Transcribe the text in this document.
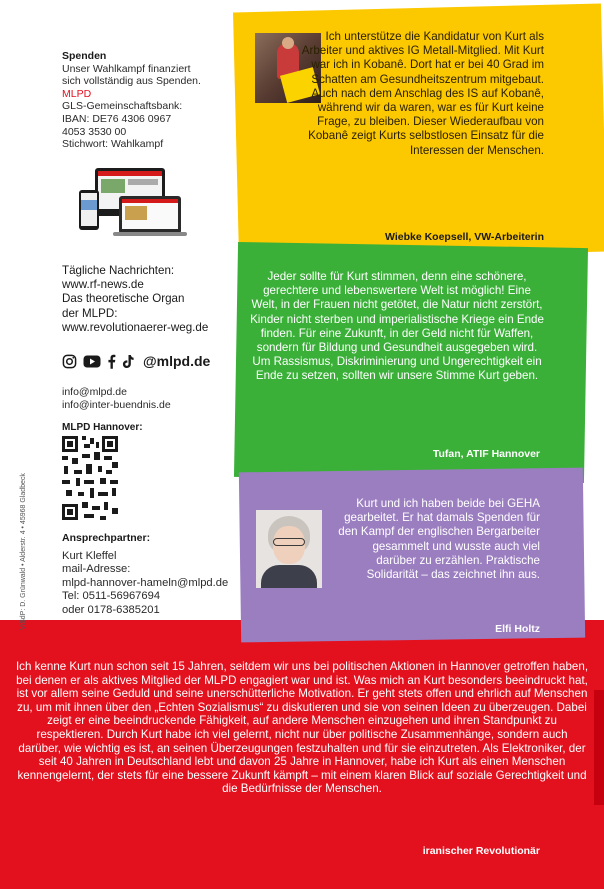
Ich unterstütze die Kandidatur von Kurt als Arbeiter und aktives IG Metall-Mitglied. Mit Kurt war ich in Kobanê. Dort hat er bei 40 Grad im Schatten am Gesundheitszentrum mitgebaut. Auch nach dem Anschlag des IS auf Kobanê, während wir da waren, war es für Kurt keine Frage, zu bleiben. Dieser Wiederaufbau von Kobanê zeigt Kurts selbstlosen Einsatz für die Interessen der Menschen.

Wiebke Koepsell, VW-Arbeiterin

Jeder sollte für Kurt stimmen, denn eine schönere, gerechtere und lebenswertere Welt ist möglich! Eine Welt, in der Frauen nicht getötet, die Natur nicht zerstört, Kinder nicht sterben und imperialistische Kriege ein Ende finden. Für eine Zukunft, in der Geld nicht für Waffen, sondern für Bildung und Gesundheit ausgegeben wird. Um Rassismus, Diskriminierung und Ungerechtigkeit ein Ende zu setzen, sollten wir unsere Stimme Kurt geben.

Tufan, ATIF Hannover

Kurt und ich haben beide bei GEHA gearbeitet. Er hat damals Spenden für den Kampf der englischen Bergarbeiter gesammelt und wusste auch viel darüber zu erzählen. Praktische Solidarität – das zeichnet ihn aus.

Elfi Holtz

Ich kenne Kurt nun schon seit 15 Jahren, seitdem wir uns bei politischen Aktionen in Hannover getroffen haben, bei denen er als aktives Mitglied der MLPD engagiert war und ist. Was mich an Kurt besonders beeindruckt hat, ist vor allem seine Geduld und seine unerschütterliche Motivation. Er geht stets offen und ehrlich auf Menschen zu, um mit ihnen über den „Echten Sozialismus“ zu diskutieren und sie von seinen Ideen zu überzeugen. Dabei zeigt er eine beeindruckende Fähigkeit, auf andere Menschen einzugehen und ihren Standpunkt zu respektieren. Durch Kurt habe ich viel gelernt, nicht nur über politische Zusammenhänge, sondern auch darüber, wie wichtig es ist, an seinen Überzeugungen festzuhalten und für sie einzutreten. Als Elektroniker, der seit 40 Jahren in Deutschland lebt und davon 25 Jahre in Hannover, habe ich Kurt als einen Menschen kennengelernt, der stets für eine bessere Zukunft kämpft – mit einem klaren Blick auf soziale Gerechtigkeit und die Bedürfnisse der Menschen.

iranischer Revolutionär

Spenden
Unser Wahlkampf finanziert
sich vollständig aus Spenden.
MLPD
GLS-Gemeinschaftsbank:
IBAN: DE76 4306 0967
4053 3530 00
Stichwort: Wahlkampf
Tägliche Nachrichten:
www.rf-news.de
Das theoretische Organ
der MLPD:
www.revolutionaerer-weg.de
@mlpd.de
info@mlpd.de
info@inter-buendnis.de
MLPD Hannover:
ViSdP: D. Grünwald • Alderstr. 4 • 45968 Gladbeck	Ansprechpartner:
Kurt Kleffel
mail-Adresse:
mlpd-hannover-hameln@mlpd.de
Tel: 0511-56967694
oder 0178-6385201
